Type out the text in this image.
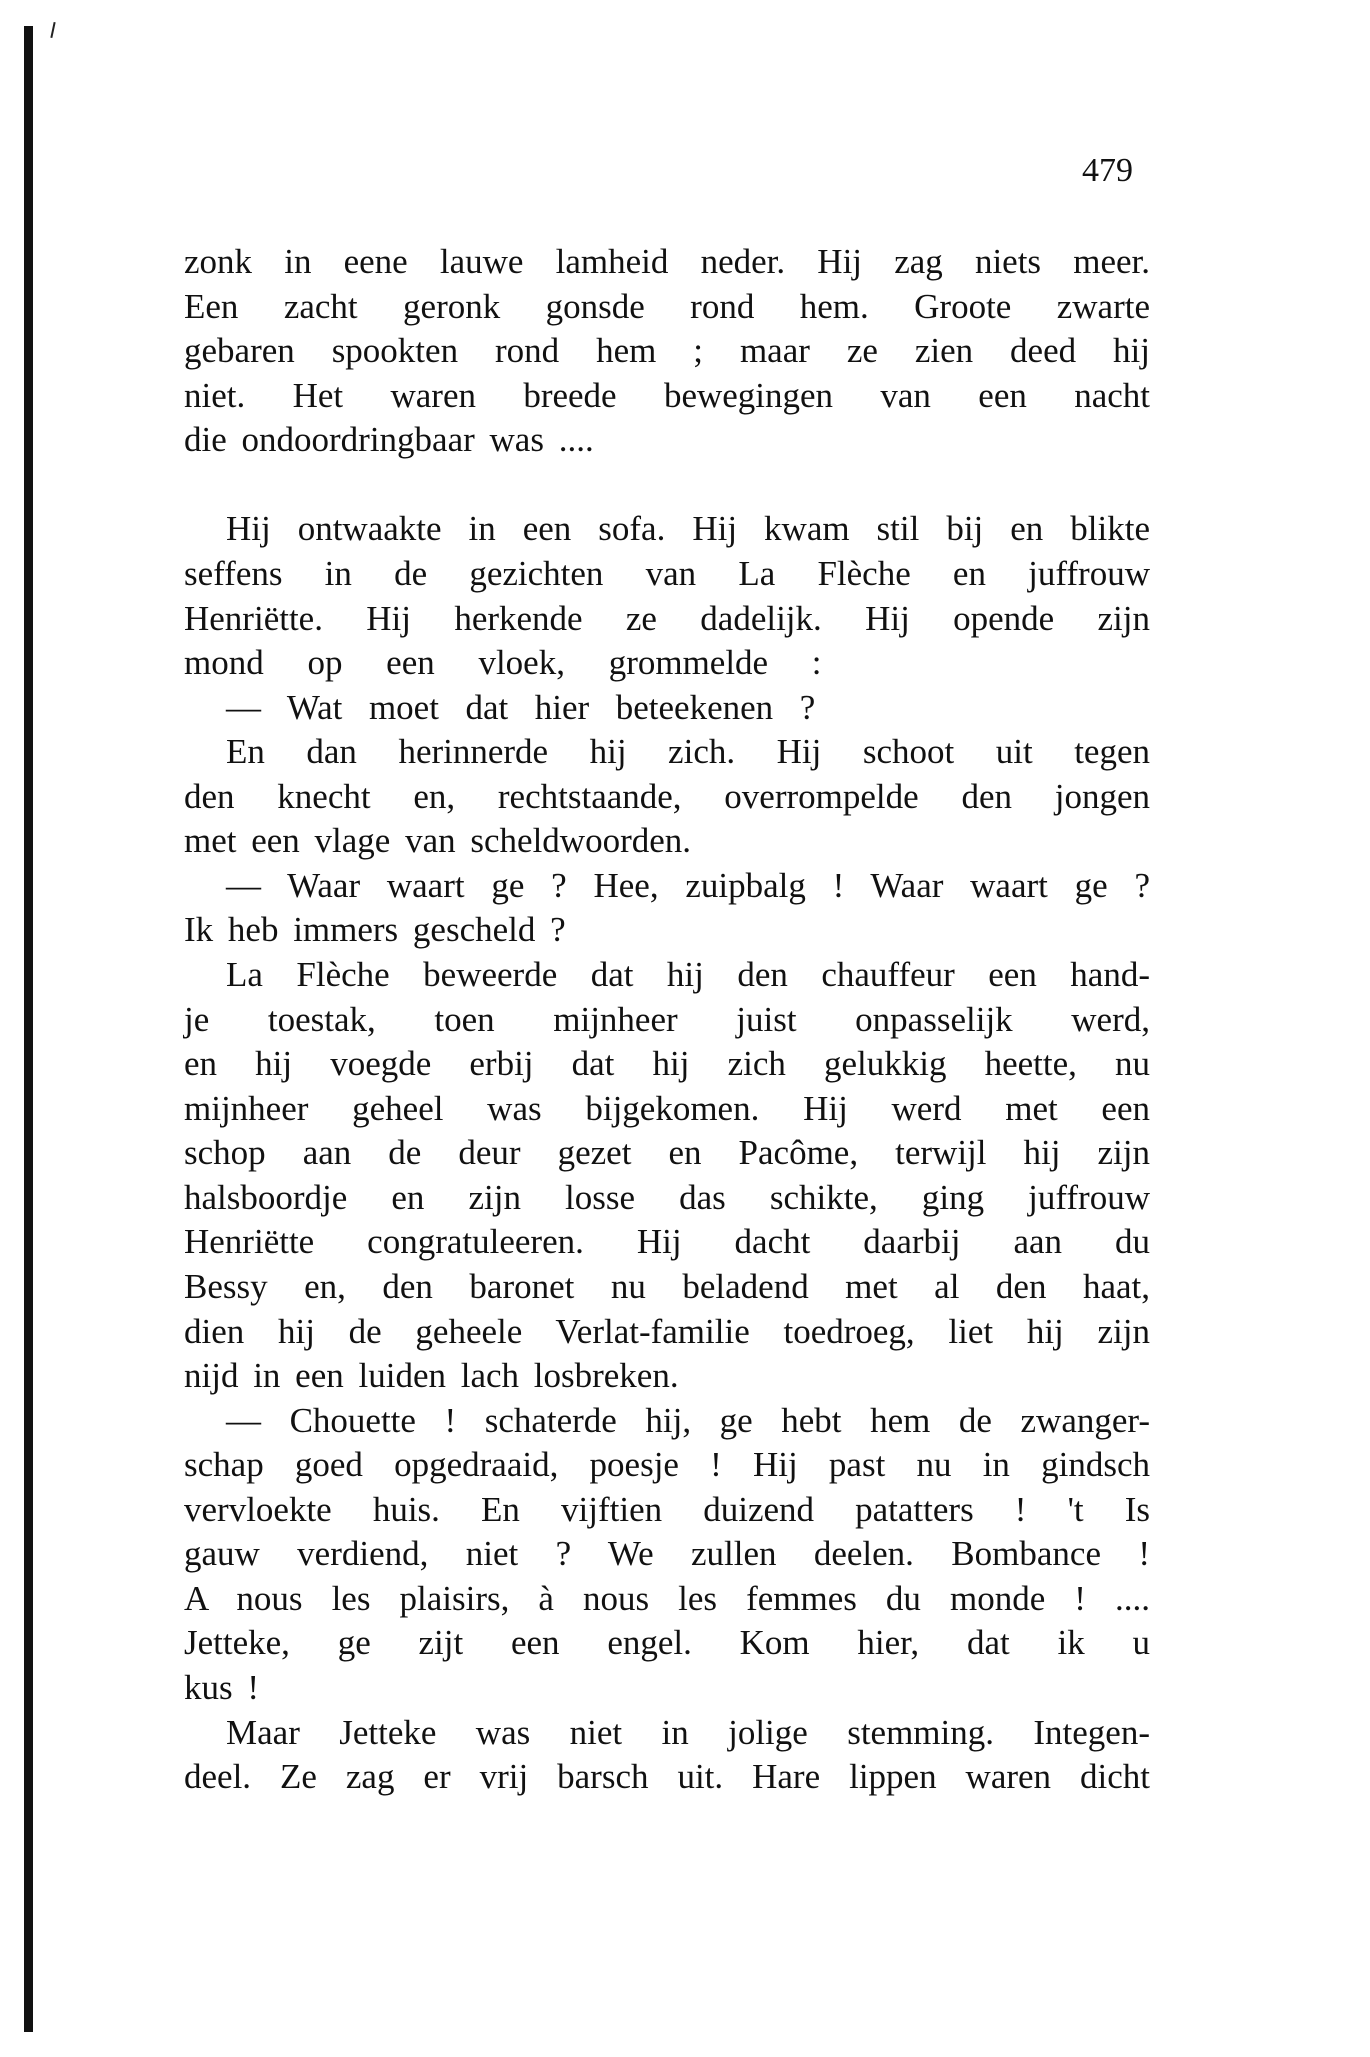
479
zonk in eene lauwe lamheid neder. Hij zag niets meer.
Een zacht geronk gonsde rond hem. Groote zwarte
gebaren spookten rond hem ; maar ze zien deed hij
niet. Het waren breede bewegingen van een nacht
die ondoordringbaar was ....
Hij ontwaakte in een sofa. Hij kwam stil bij en blikte
seffens in de gezichten van La Flèche en juffrouw
Henriëtte. Hij herkende ze dadelijk. Hij opende zijn
mond op een vloek, grommelde :
— Wat moet dat hier beteekenen ?
En dan herinnerde hij zich. Hij schoot uit tegen
den knecht en, rechtstaande, overrompelde den jongen
met een vlage van scheldwoorden.
— Waar waart ge ? Hee, zuipbalg ! Waar waart ge ?
Ik heb immers gescheld ?
La Flèche beweerde dat hij den chauffeur een hand-
je toestak, toen mijnheer juist onpasselijk werd,
en hij voegde erbij dat hij zich gelukkig heette, nu
mijnheer geheel was bijgekomen. Hij werd met een
schop aan de deur gezet en Pacôme, terwijl hij zijn
halsboordje en zijn losse das schikte, ging juffrouw
Henriëtte congratuleeren. Hij dacht daarbij aan du
Bessy en, den baronet nu beladend met al den haat,
dien hij de geheele Verlat-familie toedroeg, liet hij zijn
nijd in een luiden lach losbreken.
— Chouette ! schaterde hij, ge hebt hem de zwanger-
schap goed opgedraaid, poesje ! Hij past nu in gindsch
vervloekte huis. En vijftien duizend patatters ! 't Is
gauw verdiend, niet ? We zullen deelen. Bombance !
A nous les plaisirs, à nous les femmes du monde ! ....
Jetteke, ge zijt een engel. Kom hier, dat ik u
kus !
Maar Jetteke was niet in jolige stemming. Integen-
deel. Ze zag er vrij barsch uit. Hare lippen waren dicht
